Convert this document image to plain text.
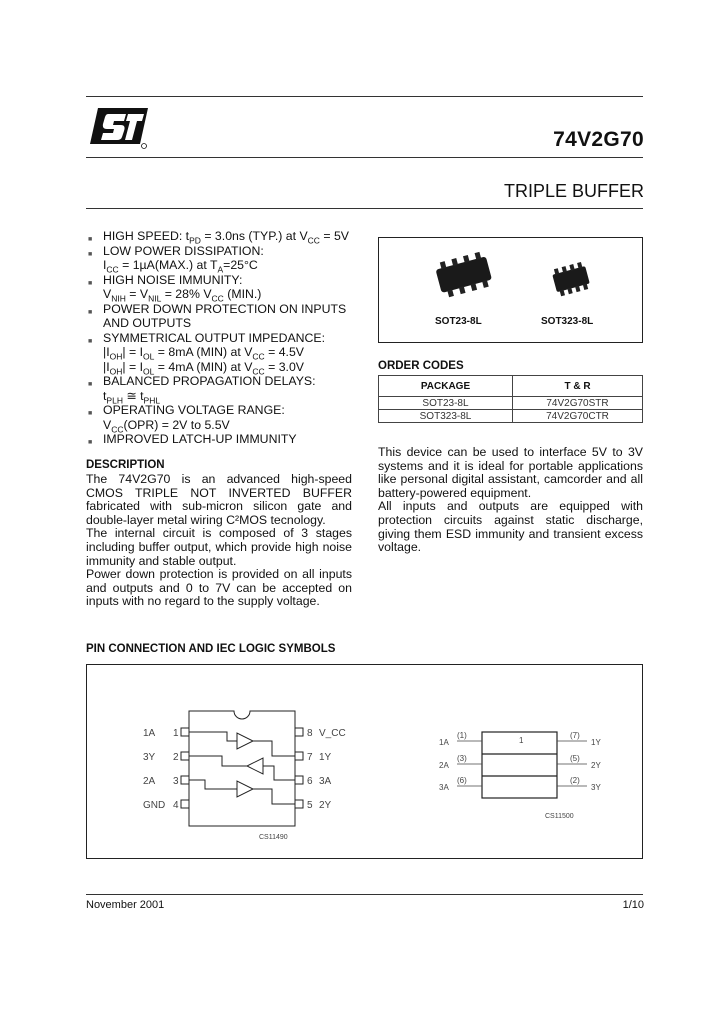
74V2G70
TRIPLE BUFFER
■ HIGH SPEED: $t_{PD} = 3.0ns$ (TYP.) at $V_{CC} = 5V$
■ LOW POWER DISSIPATION:
$I_{CC} = 1\mu A(MAX.)$ at $T_A=25^\circ C$
■ HIGH NOISE IMMUNITY:
$V_{NIH} = V_{NIL} = 28\%$ $V_{CC}$ (MIN.)
■ POWER DOWN PROTECTION ON INPUTS
AND OUTPUTS
■ SYMMETRICAL OUTPUT IMPEDANCE:
$|I_{OH}| = I_{OL} = 8mA$ (MIN) at $V_{CC} = 4.5V$
$|I_{OH}| = I_{OL} = 4mA$ (MIN) at $V_{CC} = 3.0V$
■ BALANCED PROPAGATION DELAYS:
$t_{PLH}$ ≅ $t_{PHL}$
■ OPERATING VOLTAGE RANGE:
$V_{CC}(OPR) = 2V$ to 5.5V
■ IMPROVED LATCH-UP IMMUNITY
SOT23-8L	SOT323-8L
ORDER CODES
PACKAGE	T & R
SOT23-8L	74V2G70STR
SOT323-8L	74V2G70CTR
DESCRIPTION

The 74V2G70 is an advanced high-speed CMOS TRIPLE NOT INVERTED BUFFER fabricated with sub-micron silicon gate and double-layer metal wiring C²MOS tecnology.

The internal circuit is composed of 3 stages including buffer output, which provide high noise immunity and stable output.

Power down protection is provided on all inputs and outputs and 0 to 7V can be accepted on inputs with no regard to the supply voltage.

This device can be used to interface 5V to 3V systems and it is ideal for portable applications like personal digital assistant, camcorder and all battery-powered equipment.

All inputs and outputs are equipped with protection circuits against static discharge, giving them ESD immunity and transient excess voltage.

PIN CONNECTION AND IEC LOGIC SYMBOLS
1A 1
3Y 2
2A 3
GND 4
8 V_CC
7 1Y
6 3A
5 2Y
CS11490
1
1A
(1)
2A
(3)
3A
(6)
(7)
1Y
(5)
2Y
(2)
3Y
CS11500
November 2001	1/10
